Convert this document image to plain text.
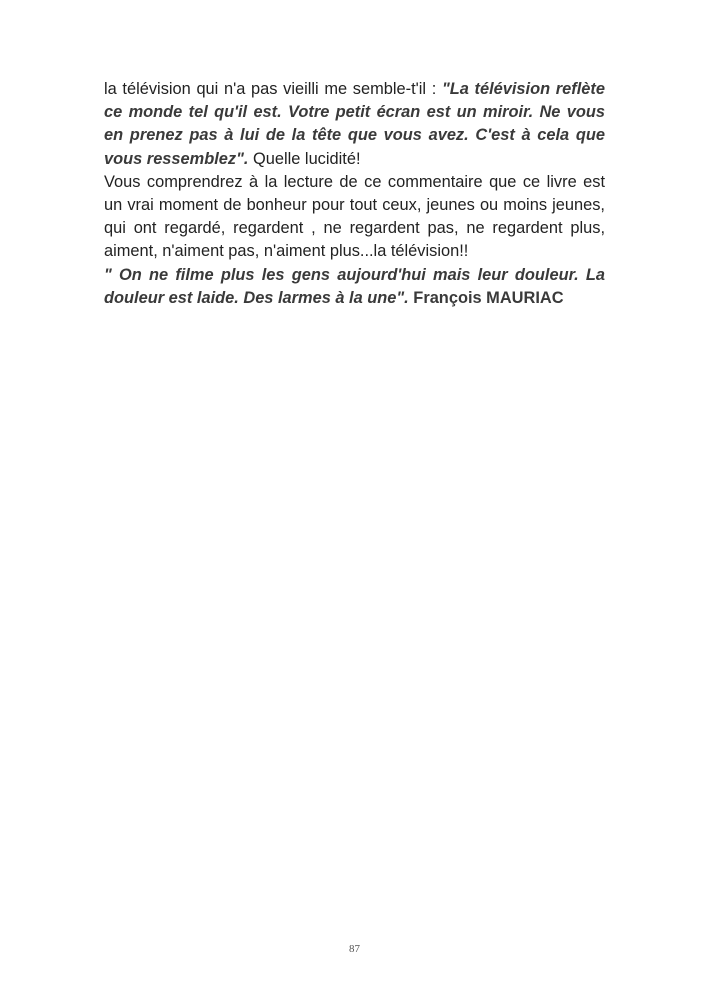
la télévision qui n'a pas vieilli me semble-t'il : "La télévision reflète ce monde tel qu'il est. Votre petit écran est un miroir. Ne vous en prenez pas à lui de la tête que vous avez. C'est à cela que vous ressemblez". Quelle lucidité!

Vous comprendrez à la lecture de ce commentaire que ce livre est un vrai moment de bonheur pour tout ceux, jeunes ou moins jeunes, qui ont regardé, regardent , ne regardent pas, ne regardent plus, aiment, n'aiment pas, n'aiment plus...la télévision!!

" On ne filme plus les gens aujourd'hui mais leur douleur. La douleur est laide. Des larmes à la une". François MAURIAC

87
